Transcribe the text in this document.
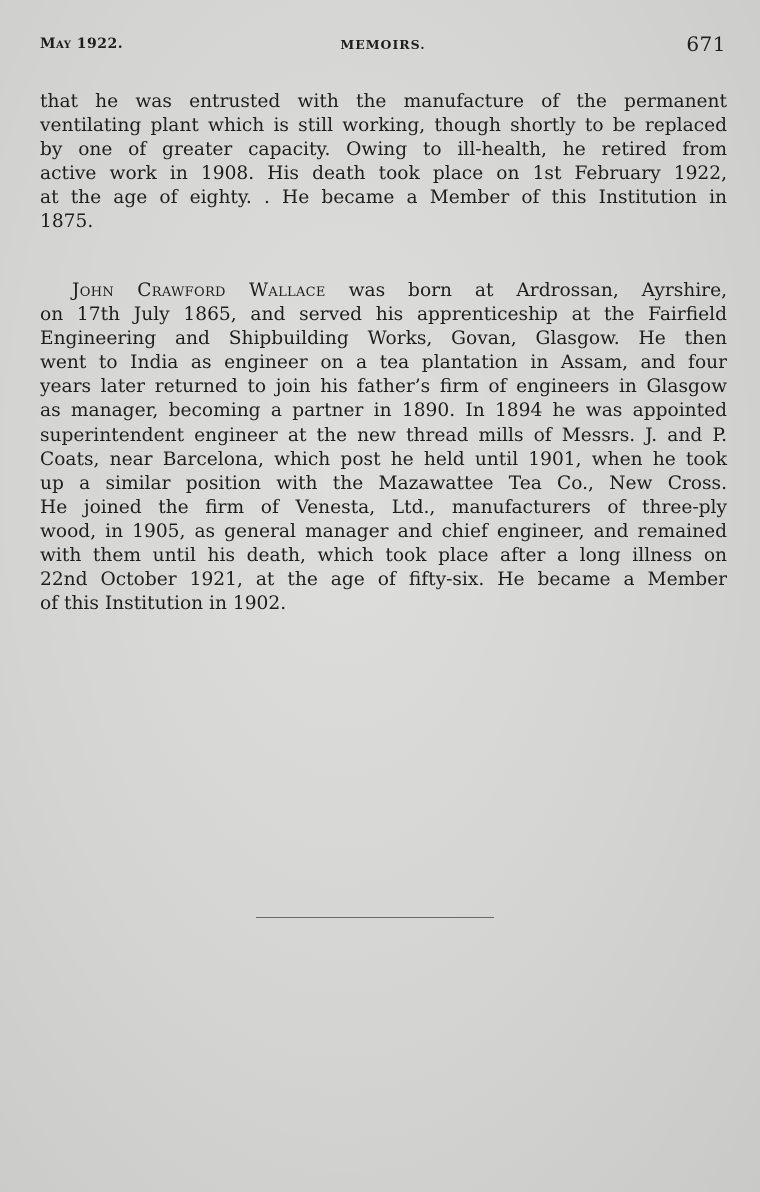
May 1922.	MEMOIRS.	671
that he was entrusted with the manufacture of the permanent
ventilating plant which is still working, though shortly to be replaced
by one of greater capacity. Owing to ill-health, he retired from
active work in 1908. His death took place on 1st February 1922,
at the age of eighty. . He became a Member of this Institution in
1875.
John Crawford Wallace was born at Ardrossan, Ayrshire,
on 17th July 1865, and served his apprenticeship at the Fairfield
Engineering and Shipbuilding Works, Govan, Glasgow. He then
went to India as engineer on a tea plantation in Assam, and four
years later returned to join his father’s firm of engineers in Glasgow
as manager, becoming a partner in 1890. In 1894 he was appointed
superintendent engineer at the new thread mills of Messrs. J. and P.
Coats, near Barcelona, which post he held until 1901, when he took
up a similar position with the Mazawattee Tea Co., New Cross.
He joined the firm of Venesta, Ltd., manufacturers of three-ply
wood, in 1905, as general manager and chief engineer, and remained
with them until his death, which took place after a long illness on
22nd October 1921, at the age of fifty-six. He became a Member
of this Institution in 1902.
